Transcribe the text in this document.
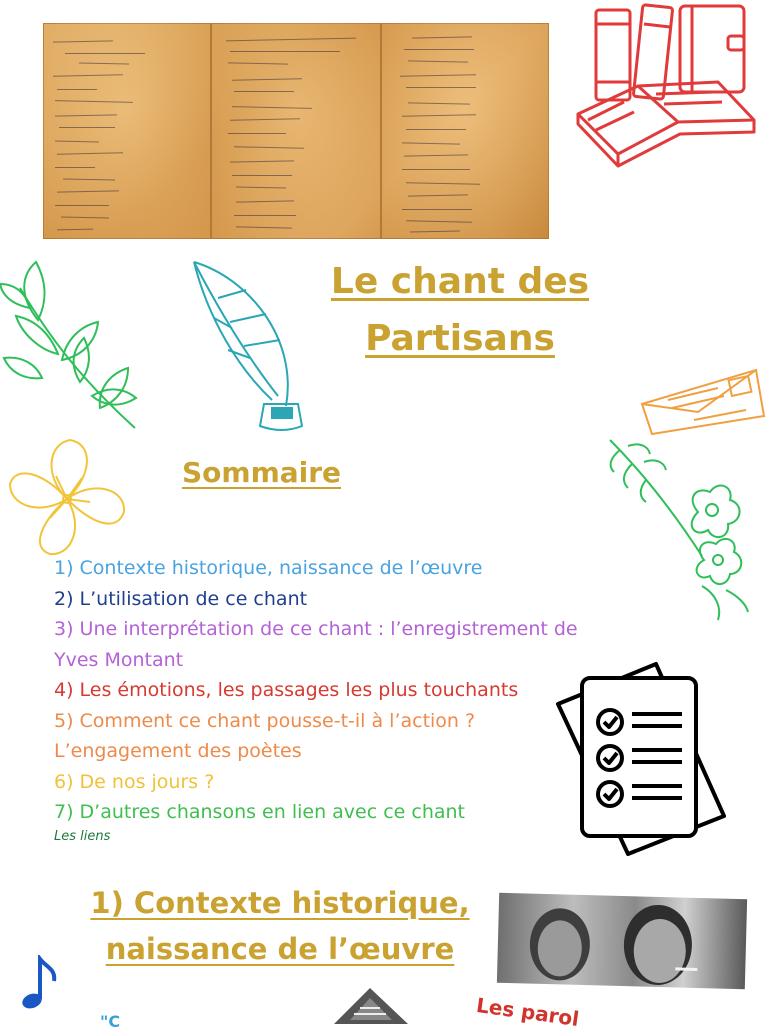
Le chant des
Partisans
Sommaire
1) Contexte historique, naissance de l’œuvre
2) L’utilisation de ce chant
3) Une interprétation de ce chant : l’enregistrement de
Yves Montant
4) Les émotions, les passages les plus touchants
5) Comment ce chant pousse-t-il à l’action ?
L’engagement des poètes
6) De nos jours ?
7) D’autres chansons en lien avec ce chant
Les liens
1) Contexte historique,
naissance de l’œuvre
Les parol
"C
